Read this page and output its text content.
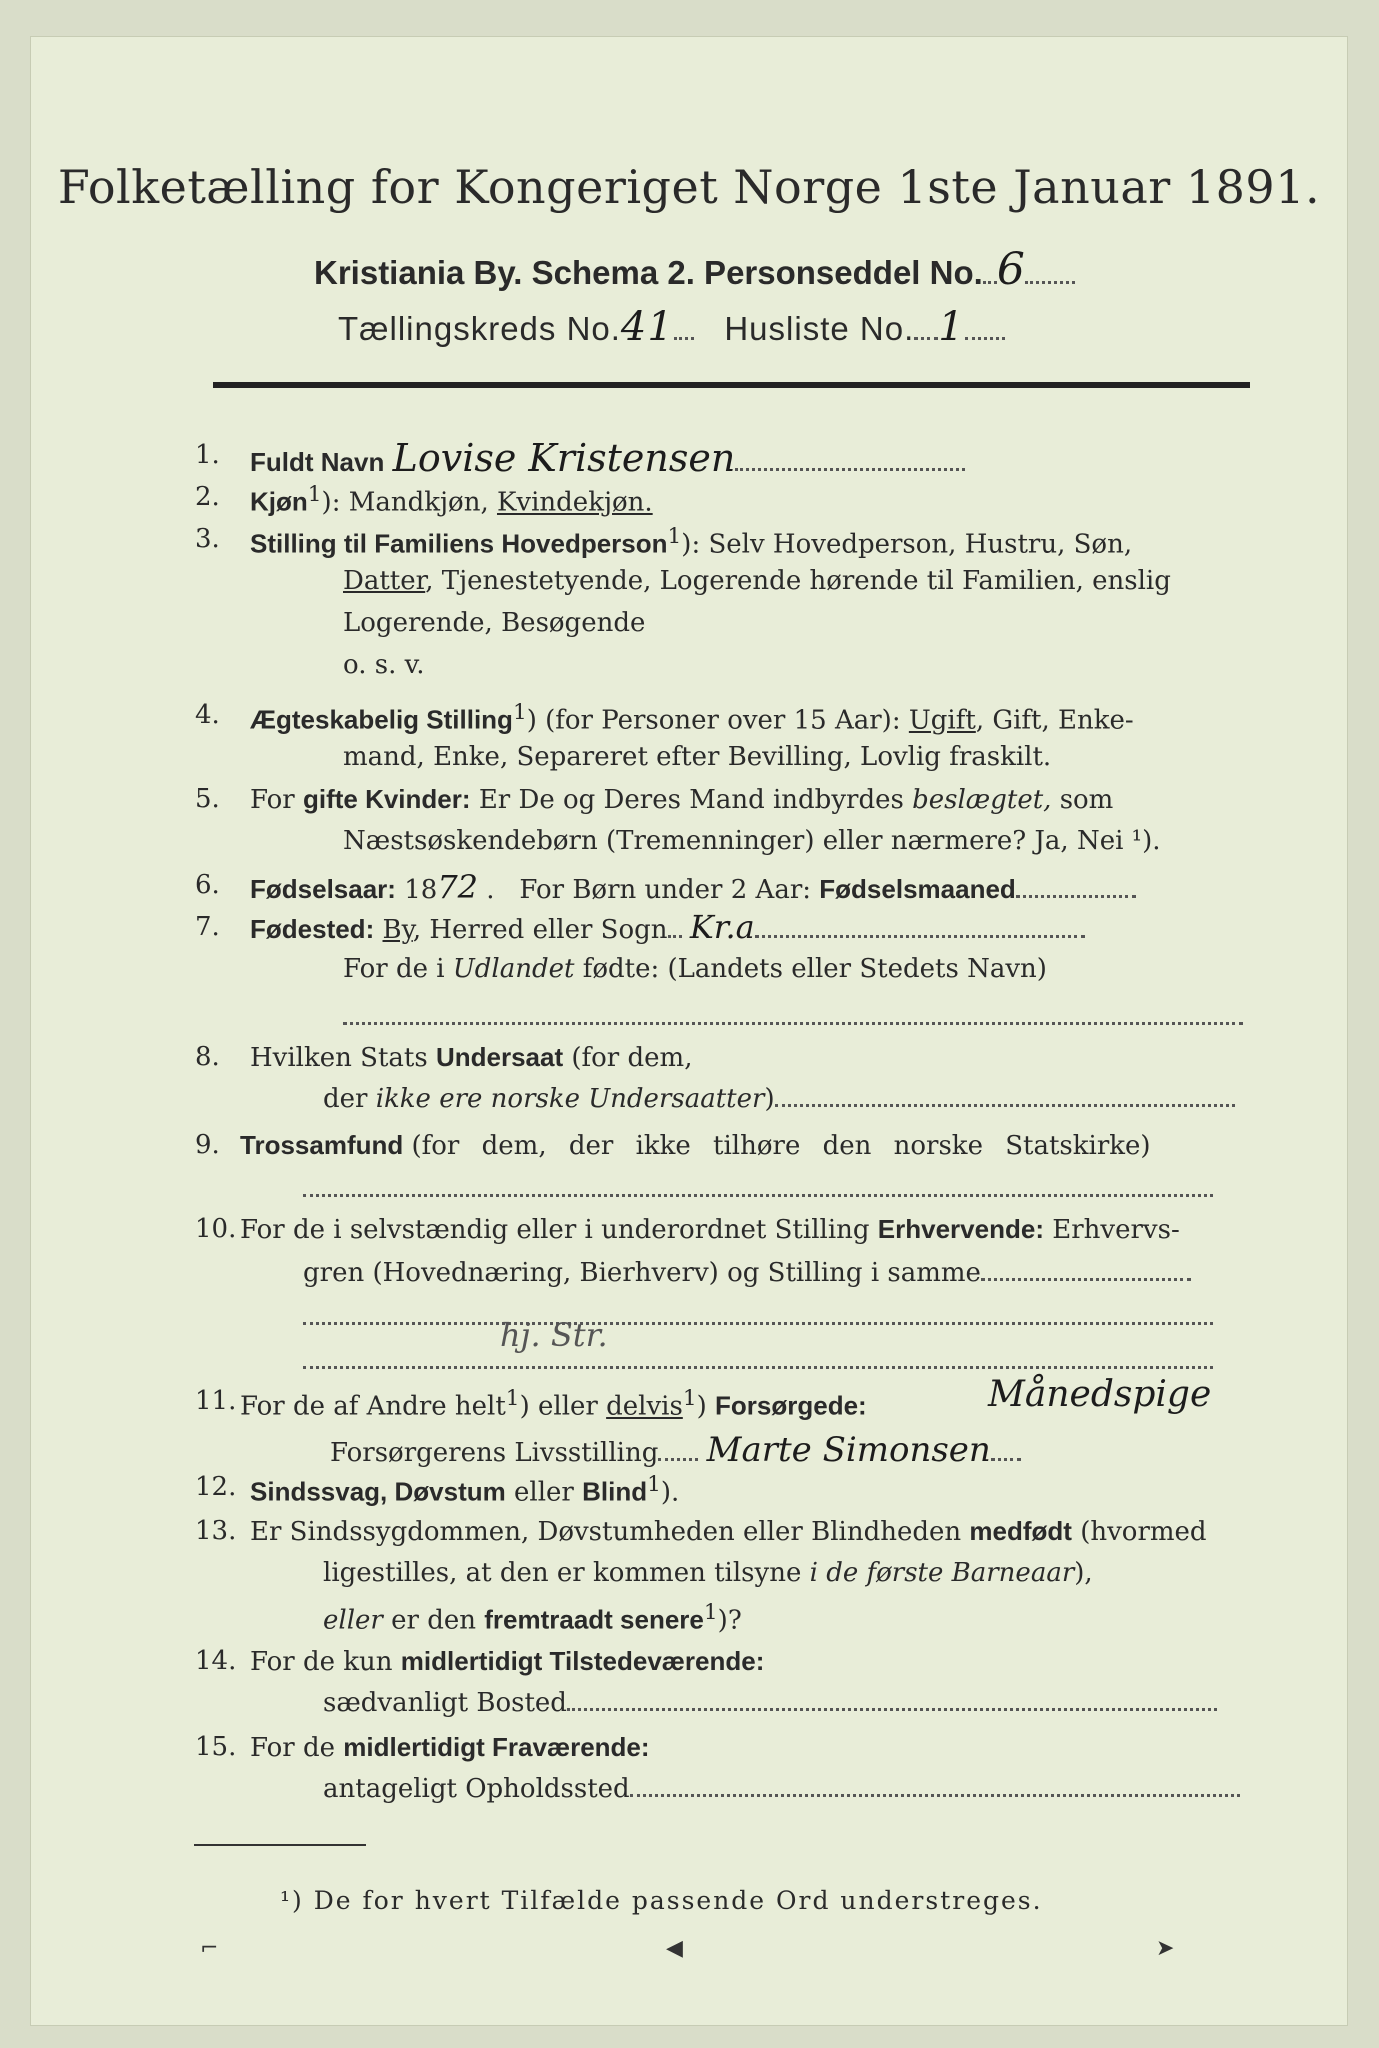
Folketælling for Kongeriget Norge 1ste Januar 1891.
Kristiania By. Schema 2. Personseddel No. 6
Tællingskreds No.41 Husliste No. 1
1. Fuldt Navn Lovise Kristensen
2. Kjøn$^1$): Mandkjøn, Kvindekjøn.
3. Stilling til Familiens Hovedperson$^1$): Selv Hovedperson, Hustru, Søn,
Datter, Tjenestetyende, Logerende hørende til Familien, enslig
Logerende, Besøgende
o. s. v.
4. Ægteskabelig Stilling$^1$) (for Personer over 15 Aar): Ugift, Gift, Enke-
mand, Enke, Separeret efter Bevilling, Lovlig fraskilt.
5. For gifte Kvinder: Er De og Deres Mand indbyrdes beslægtet, som
Næstsøskendebørn (Tremenninger) eller nærmere? Ja, Nei ¹).
6. Fødselsaar: 1872 .   For Børn under 2 Aar: Fødselsmaaned
7. Fødested: By, Herred eller Sogn Kr.a
For de i Udlandet fødte: (Landets eller Stedets Navn)
8. Hvilken Stats Undersaat (for dem,
der ikke ere norske Undersaatter)
9. Trossamfund (for dem, der ikke tilhøre den norske Statskirke)
10. For de i selvstændig eller i underordnet Stilling Erhvervende: Erhvervs-
gren (Hovednæring, Bierhverv) og Stilling i samme
hj. Str.
11. For de af Andre helt$^1$) eller delvis$^1$) Forsørgede:	Månedspige
Forsørgerens Livsstilling Marte Simonsen
12. Sindssvag, Døvstum eller Blind$^1$).
13. Er Sindssygdommen, Døvstumheden eller Blindheden medfødt (hvormed
ligestilles, at den er kommen tilsyne i de første Barneaar),
eller er den fremtraadt senere$^1$)?
14. For de kun midlertidigt Tilstedeværende:
sædvanligt Bosted
15. For de midlertidigt Fraværende:
antageligt Opholdssted
¹) De for hvert Tilfælde passende Ord understreges.
⌐	◀	➤
